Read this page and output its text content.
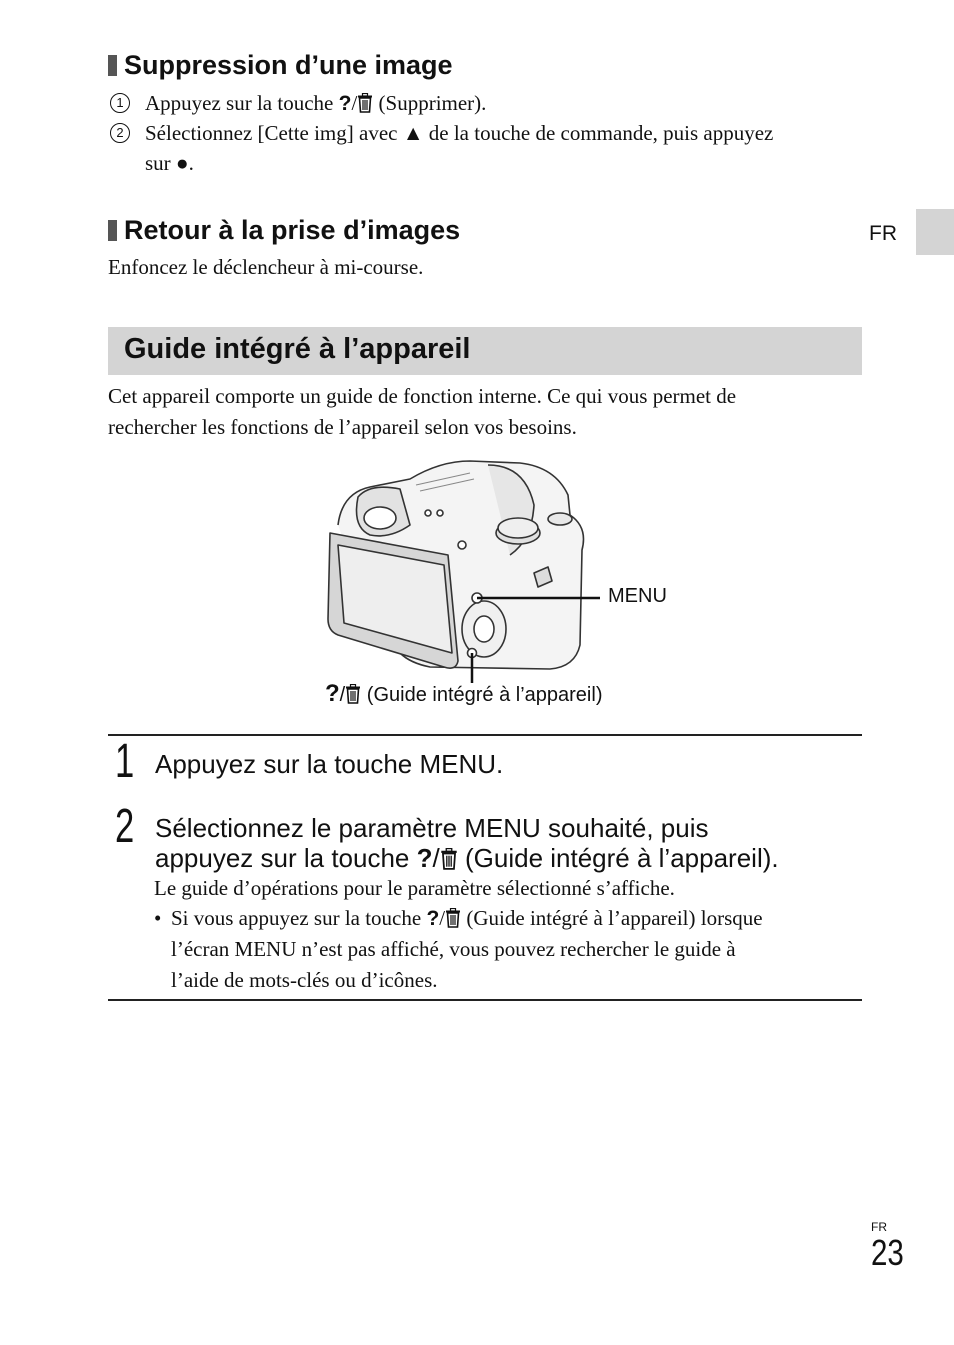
Suppression d’une image
1	Appuyez sur la touche ?/ (Supprimer).
2	Sélectionnez [Cette img] avec ▲ de la touche de commande, puis appuyez
sur ●.
Retour à la prise d’images
Enfoncez le déclencheur à mi-course.
FR
Guide intégré à l’appareil
Cet appareil comporte un guide de fonction interne. Ce qui vous permet de
rechercher les fonctions de l’appareil selon vos besoins.
MENU
?/ (Guide intégré à l’appareil)
1 Appuyez sur la touche MENU.
2 Sélectionnez le paramètre MENU souhaité, puis
appuyez sur la touche ?/ (Guide intégré à l’appareil).
Le guide d’opérations pour le paramètre sélectionné s’affiche.
• Si vous appuyez sur la touche ?/ (Guide intégré à l’appareil) lorsque
l’écran MENU n’est pas affiché, vous pouvez rechercher le guide à
l’aide de mots-clés ou d’icônes.
FR
23
